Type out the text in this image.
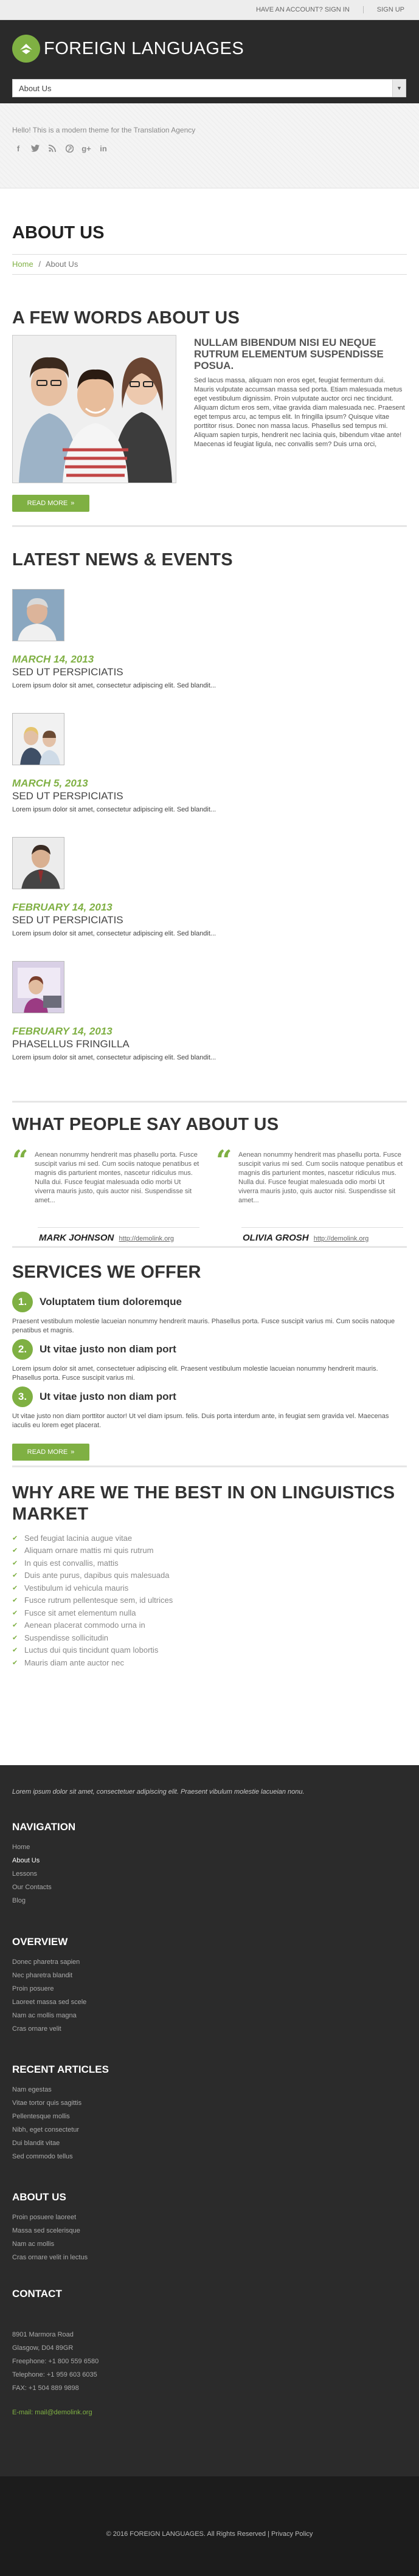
HAVE AN ACCOUNT? SIGN IN	SIGN UP
FOREIGN LANGUAGES
About Us	▼
Hello! This is a modern theme for the Translation Agency
f	g+ in
ABOUT US
Home / About Us
A FEW WORDS ABOUT US
NULLAM BIBENDUM NISI EU NEQUE RUTRUM ELEMENTUM SUSPENDISSE POSUA.

Sed lacus massa, aliquam non eros eget, feugiat fermentum dui. Mauris vulputate accumsan massa sed porta. Etiam malesuada metus eget vestibulum dignissim. Proin vulputate auctor orci nec tincidunt. Aliquam dictum eros sem, vitae gravida diam malesuada nec. Praesent eget tempus arcu, ac tempus elit. In fringilla ipsum? Quisque vitae porttitor risus. Donec non massa lacus. Phasellus sed tempus mi. Aliquam sapien turpis, hendrerit nec lacinia quis, bibendum vitae ante! Maecenas id feugiat ligula, nec convallis sem? Duis urna orci,

READ MORE »
LATEST NEWS & EVENTS
MARCH 14, 2013
SED UT PERSPICIATIS
Lorem ipsum dolor sit amet, consectetur adipiscing elit. Sed blandit...
MARCH 5, 2013
SED UT PERSPICIATIS
Lorem ipsum dolor sit amet, consectetur adipiscing elit. Sed blandit...
FEBRUARY 14, 2013
SED UT PERSPICIATIS
Lorem ipsum dolor sit amet, consectetur adipiscing elit. Sed blandit...
FEBRUARY 14, 2013
PHASELLUS FRINGILLA
Lorem ipsum dolor sit amet, consectetur adipiscing elit. Sed blandit...
WHAT PEOPLE SAY ABOUT US
“ Aenean nonummy hendrerit mas phasellu porta. Fusce suscipit varius mi sed. Cum sociis natoque penatibus et magnis dis parturient montes, nascetur ridiculus mus. Nulla dui. Fusce feugiat malesuada odio morbi Ut viverra mauris justo, quis auctor nisi. Suspendisse sit amet...

MARK JOHNSON http://demolink.org
“ Aenean nonummy hendrerit mas phasellu porta. Fusce suscipit varius mi sed. Cum sociis natoque penatibus et magnis dis parturient montes, nascetur ridiculus mus. Nulla dui. Fusce feugiat malesuada odio morbi Ut viverra mauris justo, quis auctor nisi. Suspendisse sit amet...

OLIVIA GROSH http://demolink.org
SERVICES WE OFFER
1.	Voluptatem tium doloremque

Praesent vestibulum molestie lacueian nonummy hendrerit mauris. Phasellus porta. Fusce suscipit varius mi. Cum sociis natoque penatibus et magnis.

2.	Ut vitae justo non diam port

Lorem ipsum dolor sit amet, consectetuer adipiscing elit. Praesent vestibulum molestie lacueian nonummy hendrerit mauris. Phasellus porta. Fusce suscipit varius mi.

3.	Ut vitae justo non diam port

Ut vitae justo non diam porttitor auctor! Ut vel diam ipsum. felis. Duis porta interdum ante, in feugiat sem gravida vel. Maecenas iaculis eu lorem eget placerat.

READ MORE »
WHY ARE WE THE BEST IN ON LINGUISTICS MARKET
✔ Sed feugiat lacinia augue vitae
✔ Aliquam ornare mattis mi quis rutrum
✔ In quis est convallis, mattis
✔ Duis ante purus, dapibus quis malesuada
✔ Vestibulum id vehicula mauris
✔ Fusce rutrum pellentesque sem, id ultrices
✔ Fusce sit amet elementum nulla
✔ Aenean placerat commodo urna in
✔ Suspendisse sollicitudin
✔ Luctus dui quis tincidunt quam lobortis
✔ Mauris diam ante auctor nec

Lorem ipsum dolor sit amet, consectetuer adipiscing elit. Praesent vibulum molestie lacueian nonu.

NAVIGATION
Home
About Us
Lessons
Our Contacts
Blog
OVERVIEW
Donec pharetra sapien
Nec pharetra blandit
Proin posuere
Laoreet massa sed scele
Nam ac mollis magna
Cras ornare velit
RECENT ARTICLES
Nam egestas
Vitae tortor quis sagittis
Pellentesque mollis
Nibh, eget consectetur
Dui blandit vitae
Sed commodo tellus
ABOUT US
Proin posuere laoreet
Massa sed scelerisque
Nam ac mollis
Cras ornare velit in lectus
CONTACT
8901 Marmora Road
Glasgow, D04 89GR
Freephone: +1 800 559 6580
Telephone: +1 959 603 6035
FAX: +1 504 889 9898
E-mail: mail@demolink.org
© 2016 FOREIGN LANGUAGES. All Rights Reserved | Privacy Policy
